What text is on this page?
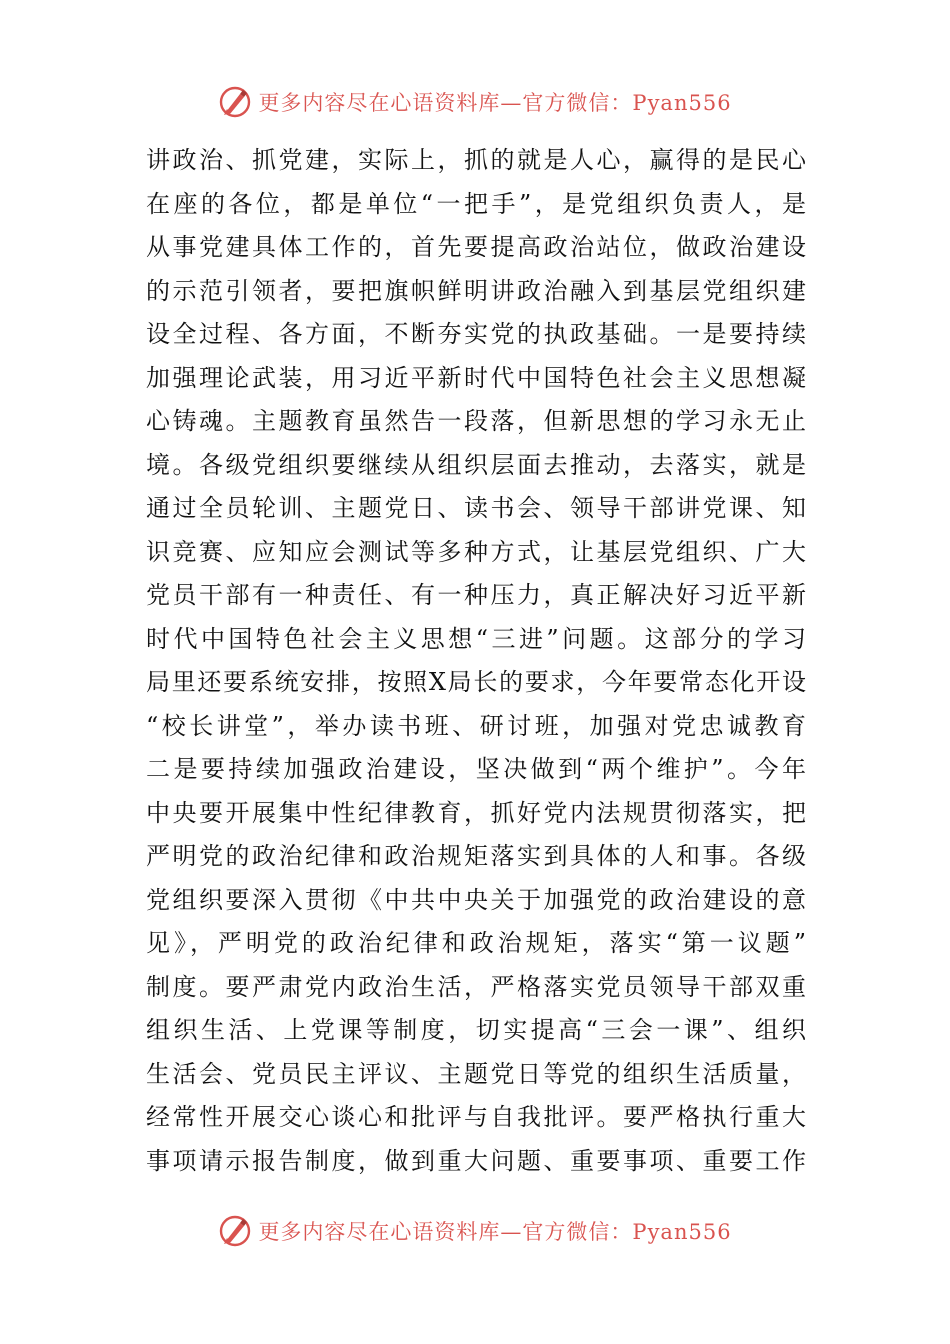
更多内容尽在心语资料库—官方微信：Pyan556
讲政治、抓党建，实际上，抓的就是人心，赢得的是民心
在座的各位，都是单位“一把手”，是党组织负责人，是
从事党建具体工作的，首先要提高政治站位，做政治建设
的示范引领者，要把旗帜鲜明讲政治融入到基层党组织建
设全过程、各方面，不断夯实党的执政基础。一是要持续
加强理论武装，用习近平新时代中国特色社会主义思想凝
心铸魂。主题教育虽然告一段落，但新思想的学习永无止
境。各级党组织要继续从组织层面去推动，去落实，就是
通过全员轮训、主题党日、读书会、领导干部讲党课、知
识竞赛、应知应会测试等多种方式，让基层党组织、广大
党员干部有一种责任、有一种压力，真正解决好习近平新
时代中国特色社会主义思想“三进”问题。这部分的学习
局里还要系统安排，按照X局长的要求，今年要常态化开设
“校长讲堂”，举办读书班、研讨班，加强对党忠诚教育
二是要持续加强政治建设，坚决做到“两个维护”。今年
中央要开展集中性纪律教育，抓好党内法规贯彻落实，把
严明党的政治纪律和政治规矩落实到具体的人和事。各级
党组织要深入贯彻《中共中央关于加强党的政治建设的意
见》，严明党的政治纪律和政治规矩，落实“第一议题”
制度。要严肃党内政治生活，严格落实党员领导干部双重
组织生活、上党课等制度，切实提高“三会一课”、组织
生活会、党员民主评议、主题党日等党的组织生活质量，
经常性开展交心谈心和批评与自我批评。要严格执行重大
事项请示报告制度，做到重大问题、重要事项、重要工作
更多内容尽在心语资料库—官方微信：Pyan556
